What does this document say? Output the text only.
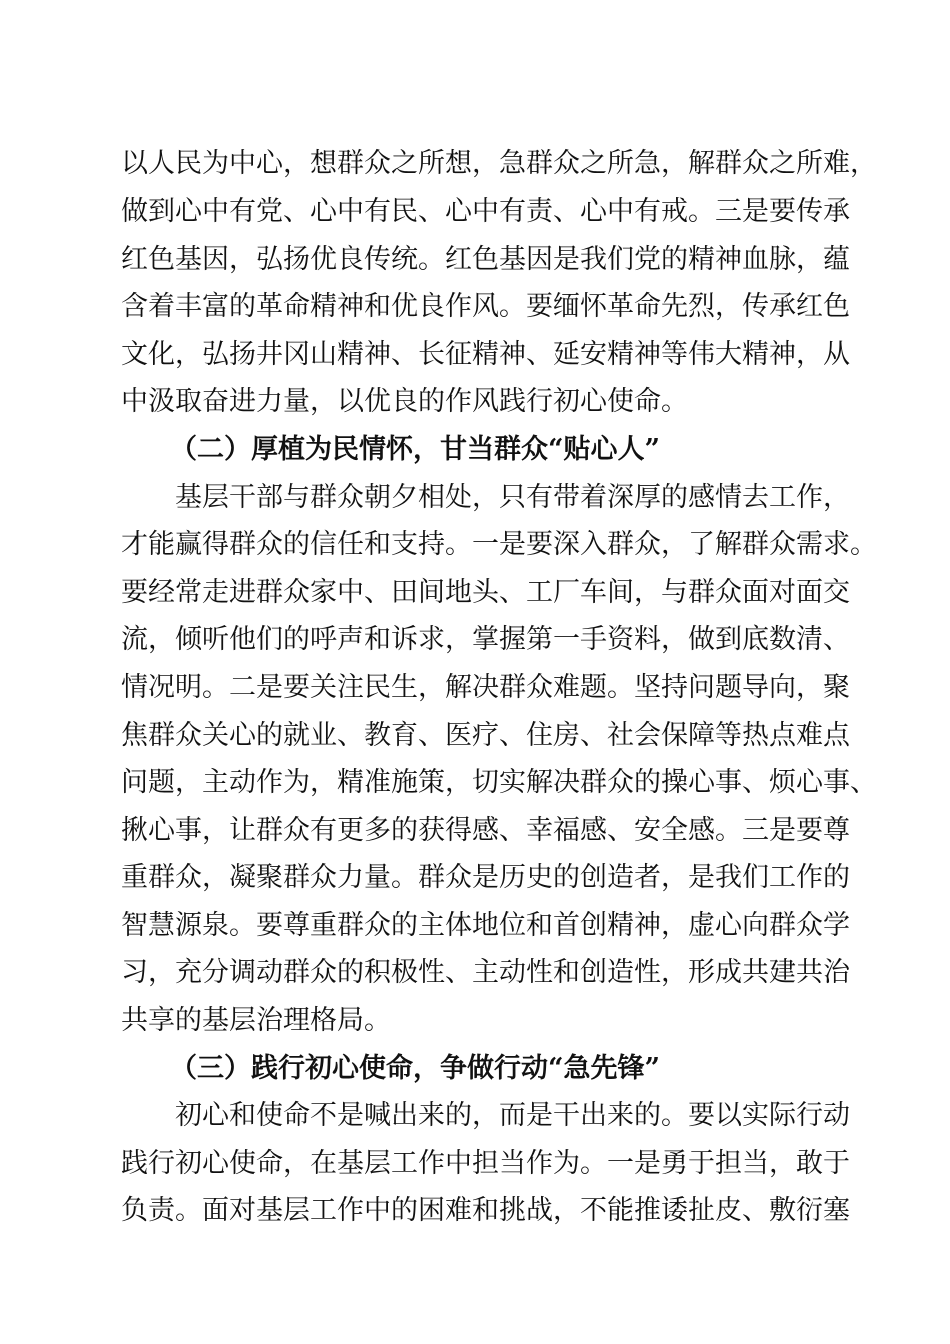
以人民为中心，想群众之所想，急群众之所急，解群众之所难，

做到心中有党、心中有民、心中有责、心中有戒。三是要传承

红色基因，弘扬优良传统。红色基因是我们党的精神血脉，蕴

含着丰富的革命精神和优良作风。要缅怀革命先烈，传承红色

文化，弘扬井冈山精神、长征精神、延安精神等伟大精神，从

中汲取奋进力量，以优良的作风践行初心使命。

（二）厚植为民情怀，甘当群众“贴心人”

基层干部与群众朝夕相处，只有带着深厚的感情去工作，

才能赢得群众的信任和支持。一是要深入群众，了解群众需求。

要经常走进群众家中、田间地头、工厂车间，与群众面对面交

流，倾听他们的呼声和诉求，掌握第一手资料，做到底数清、

情况明。二是要关注民生，解决群众难题。坚持问题导向，聚

焦群众关心的就业、教育、医疗、住房、社会保障等热点难点

问题，主动作为，精准施策，切实解决群众的操心事、烦心事、

揪心事，让群众有更多的获得感、幸福感、安全感。三是要尊

重群众，凝聚群众力量。群众是历史的创造者，是我们工作的

智慧源泉。要尊重群众的主体地位和首创精神，虚心向群众学

习，充分调动群众的积极性、主动性和创造性，形成共建共治

共享的基层治理格局。

（三）践行初心使命，争做行动“急先锋”

初心和使命不是喊出来的，而是干出来的。要以实际行动

践行初心使命，在基层工作中担当作为。一是勇于担当，敢于

负责。面对基层工作中的困难和挑战，不能推诿扯皮、敷衍塞
